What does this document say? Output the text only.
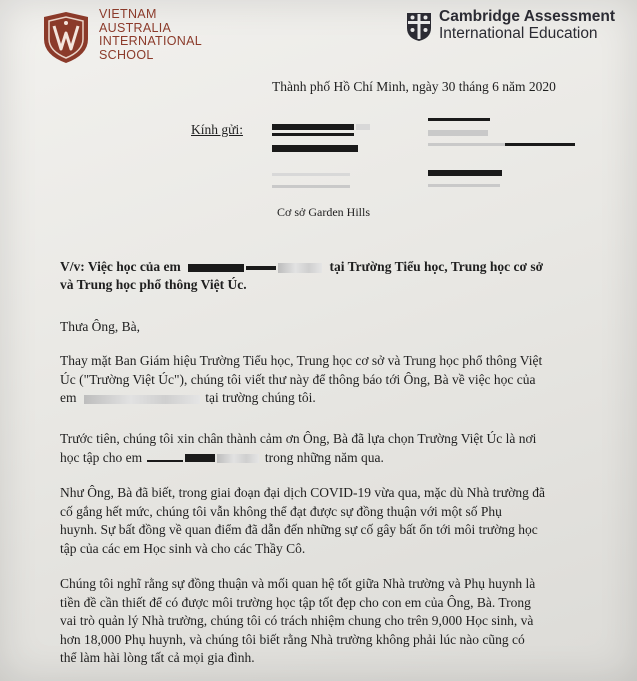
VIETNAM
AUSTRALIA
INTERNATIONAL
SCHOOL
Cambridge Assessment
International Education
Thành phố Hồ Chí Minh, ngày 30 tháng 6 năm 2020
Kính gửi:
Cơ sở Garden Hills
V/v: Việc học của em	tại Trường Tiểu học, Trung học cơ sở
và Trung học phổ thông Việt Úc.
Thưa Ông, Bà,
Thay mặt Ban Giám hiệu Trường Tiểu học, Trung học cơ sở và Trung học phổ thông Việt
Úc ("Trường Việt Úc"), chúng tôi viết thư này để thông báo tới Ông, Bà về việc học của
em	tại trường chúng tôi.
Trước tiên, chúng tôi xin chân thành cảm ơn Ông, Bà đã lựa chọn Trường Việt Úc là nơi
học tập cho em	trong những năm qua.
Như Ông, Bà đã biết, trong giai đoạn đại dịch COVID-19 vừa qua, mặc dù Nhà trường đã
cố gắng hết mức, chúng tôi vẫn không thể đạt được sự đồng thuận với một số Phụ
huynh. Sự bất đồng về quan điểm đã dẫn đến những sự cố gây bất ổn tới môi trường học
tập của các em Học sinh và cho các Thầy Cô.
Chúng tôi nghĩ rằng sự đồng thuận và mối quan hệ tốt giữa Nhà trường và Phụ huynh là
tiền đề cần thiết để có được môi trường học tập tốt đẹp cho con em của Ông, Bà. Trong
vai trò quản lý Nhà trường, chúng tôi có trách nhiệm chung cho trên 9,000 Học sinh, và
hơn 18,000 Phụ huynh, và chúng tôi biết rằng Nhà trường không phải lúc nào cũng có
thể làm hài lòng tất cả mọi gia đình.
